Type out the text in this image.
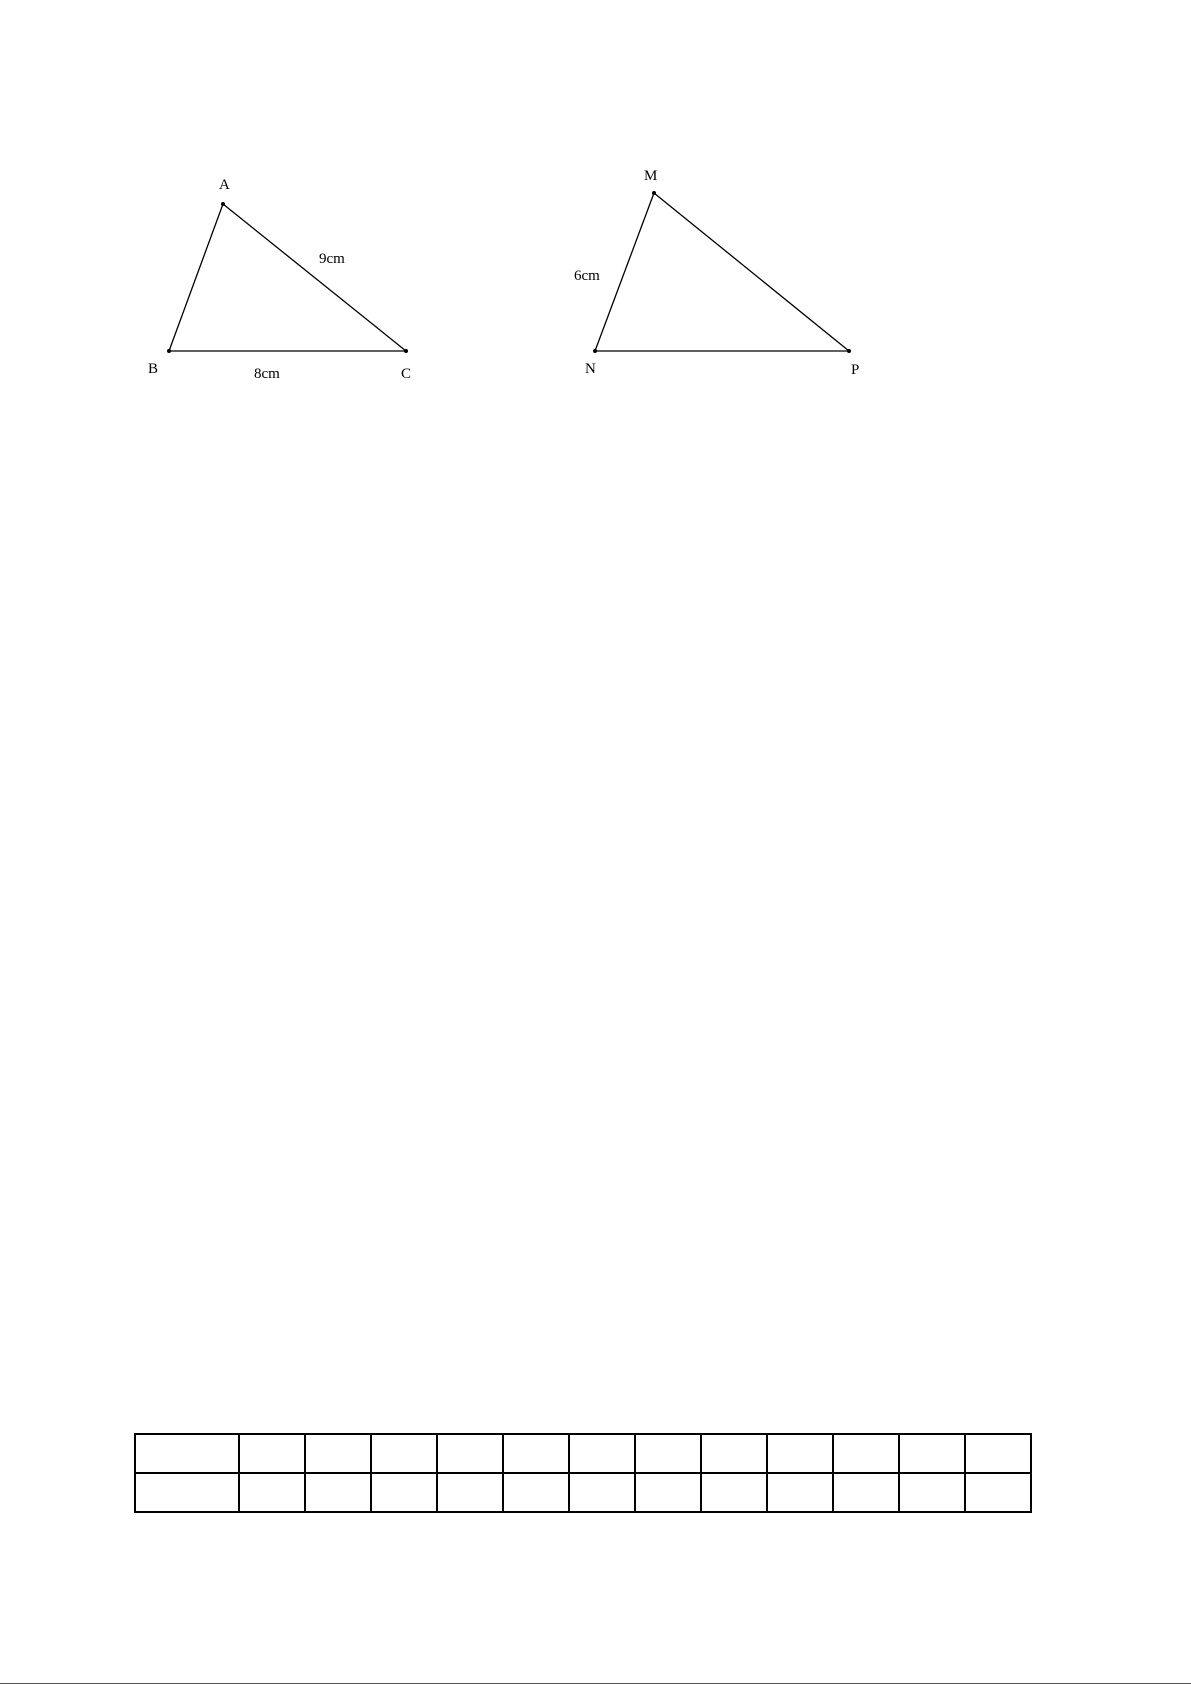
A
B	C
9cm
8cm
M
N	P
6cm
